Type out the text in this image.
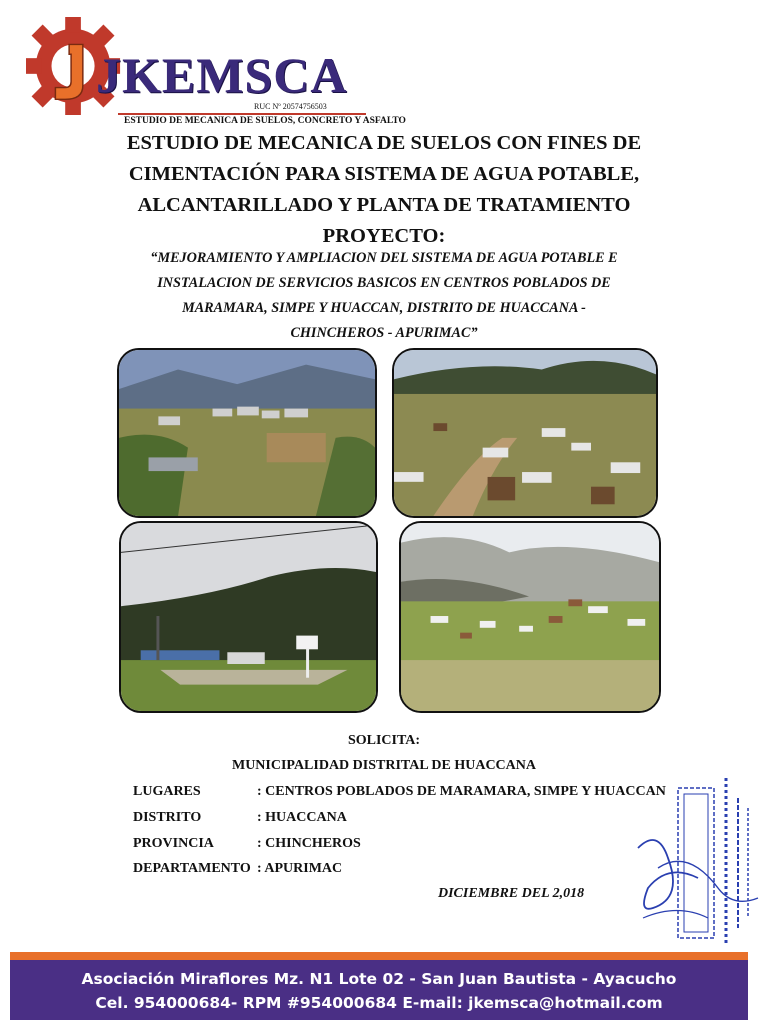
JKEMSCA
RUC Nº 20574756503
ESTUDIO DE MECANICA DE SUELOS, CONCRETO Y ASFALTO
ESTUDIO DE MECANICA DE SUELOS CON FINES DE
CIMENTACIÓN PARA SISTEMA DE AGUA POTABLE,
ALCANTARILLADO Y PLANTA DE TRATAMIENTO
PROYECTO:
“MEJORAMIENTO Y AMPLIACION DEL SISTEMA DE AGUA POTABLE E
INSTALACION DE SERVICIOS BASICOS EN CENTROS POBLADOS DE
MARAMARA, SIMPE Y HUACCAN, DISTRITO DE HUACCANA -
CHINCHEROS - APURIMAC”
SOLICITA:
MUNICIPALIDAD DISTRITAL DE HUACCANA
LUGARES	: CENTROS POBLADOS DE MARAMARA, SIMPE Y HUACCAN
DISTRITO	: HUACCANA
PROVINCIA	: CHINCHEROS
DEPARTAMENTO : APURIMAC
DICIEMBRE DEL 2,018
Asociación Miraflores Mz. N1 Lote 02 - San Juan Bautista - Ayacucho
Cel. 954000684- RPM #954000684 E-mail: jkemsca@hotmail.com
